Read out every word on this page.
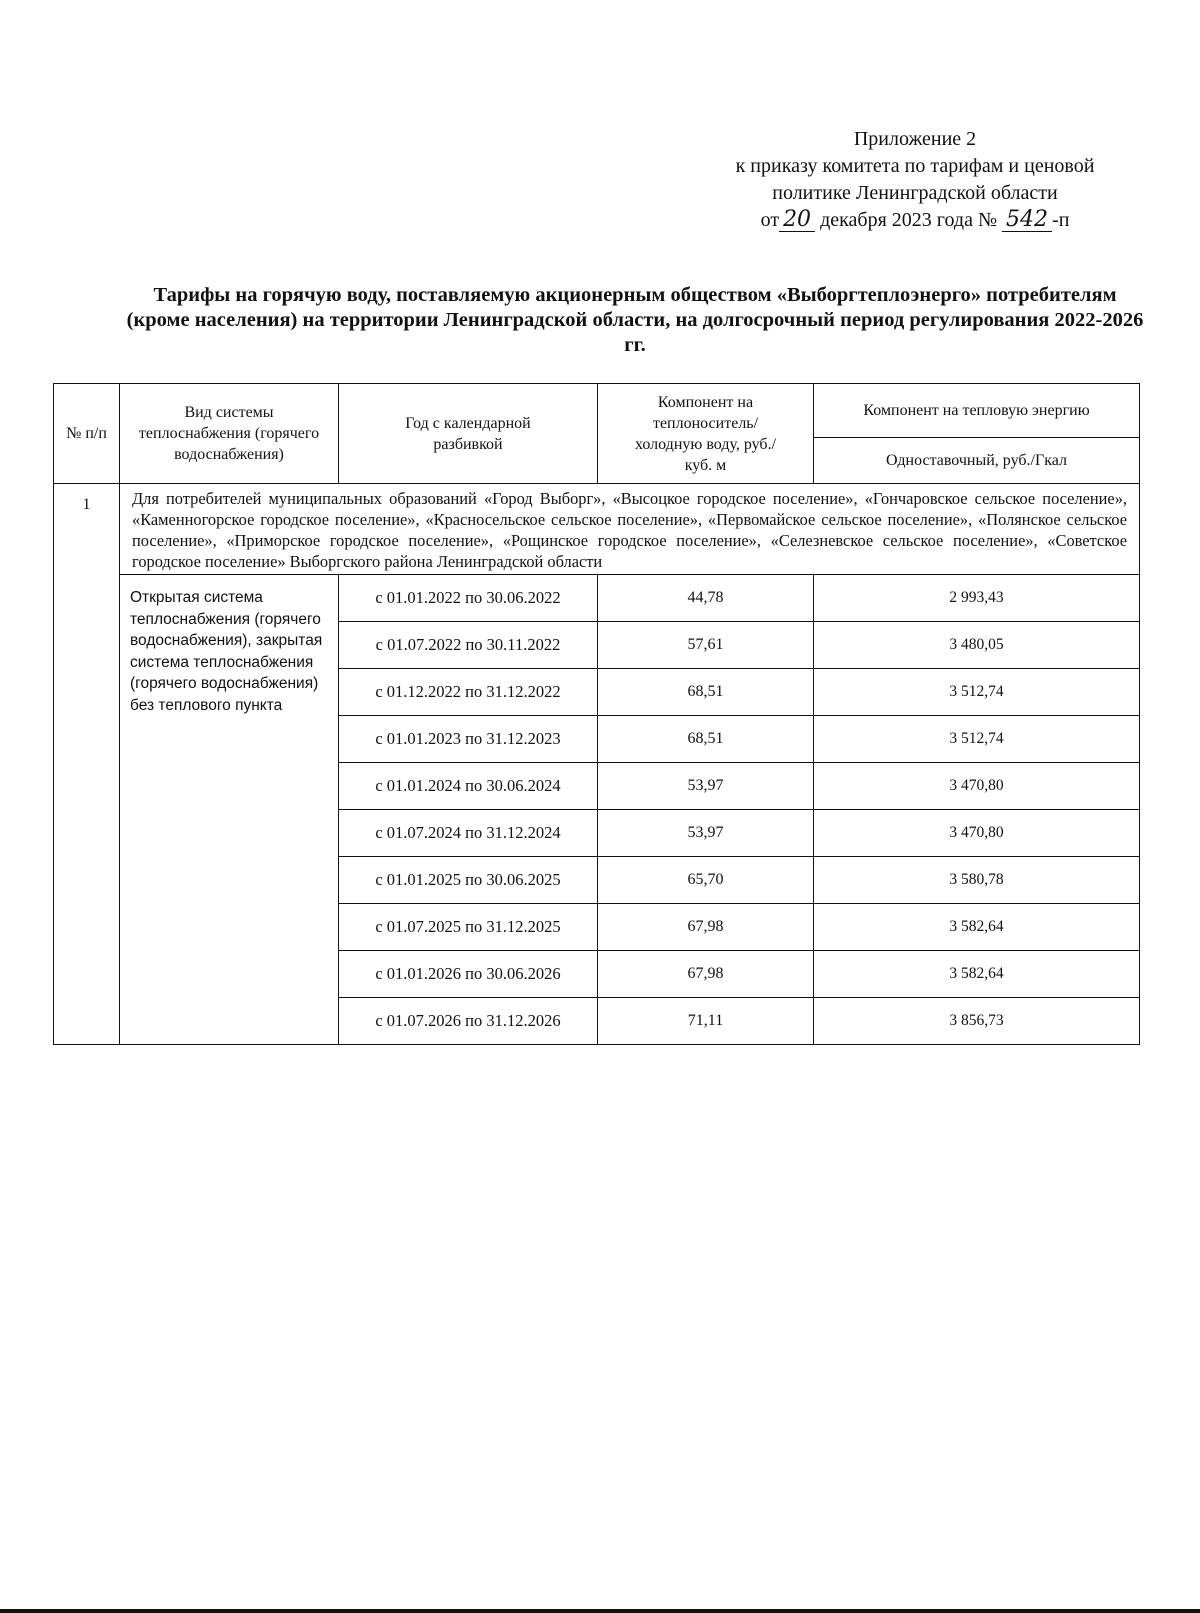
Приложение 2
к приказу комитета по тарифам и ценовой
политике Ленинградской области
от 20 декабря 2023 года № 542 -п
Тарифы на горячую воду, поставляемую акционерным обществом «Выборгтеплоэнерго» потребителям (кроме населения) на территории Ленинградской области, на долгосрочный период регулирования 2022-2026 гг.
№ п/п	Вид системы теплоснабжения (горячего водоснабжения)	Год с календарной разбивкой	Компонент на теплоноситель/ холодную воду, руб./куб. м	Компонент на тепловую энергию
				Одноставочный, руб./Гкал
1	Для потребителей муниципальных образований «Город Выборг», «Высоцкое городское поселение», «Гончаровское сельское поселение», «Каменногорское городское поселение», «Красносельское сельское поселение», «Первомайское сельское поселение», «Полянское сельское поселение», «Приморское городское поселение», «Рощинское городское поселение», «Селезневское сельское поселение», «Советское городское поселение» Выборгского района Ленинградской области			
	Открытая система теплоснабжения (горячего водоснабжения), закрытая система теплоснабжения (горячего водоснабжения) без теплового пункта			
		с 01.01.2022 по 30.06.2022	44,78	2 993,43
		с 01.07.2022 по 30.11.2022	57,61	3 480,05
		с 01.12.2022 по 31.12.2022	68,51	3 512,74
		с 01.01.2023 по 31.12.2023	68,51	3 512,74
		с 01.01.2024 по 30.06.2024	53,97	3 470,80
		с 01.07.2024 по 31.12.2024	53,97	3 470,80
		с 01.01.2025 по 30.06.2025	65,70	3 580,78
		с 01.07.2025 по 31.12.2025	67,98	3 582,64
		с 01.01.2026 по 30.06.2026	67,98	3 582,64
		с 01.07.2026 по 31.12.2026	71,11	3 856,73
